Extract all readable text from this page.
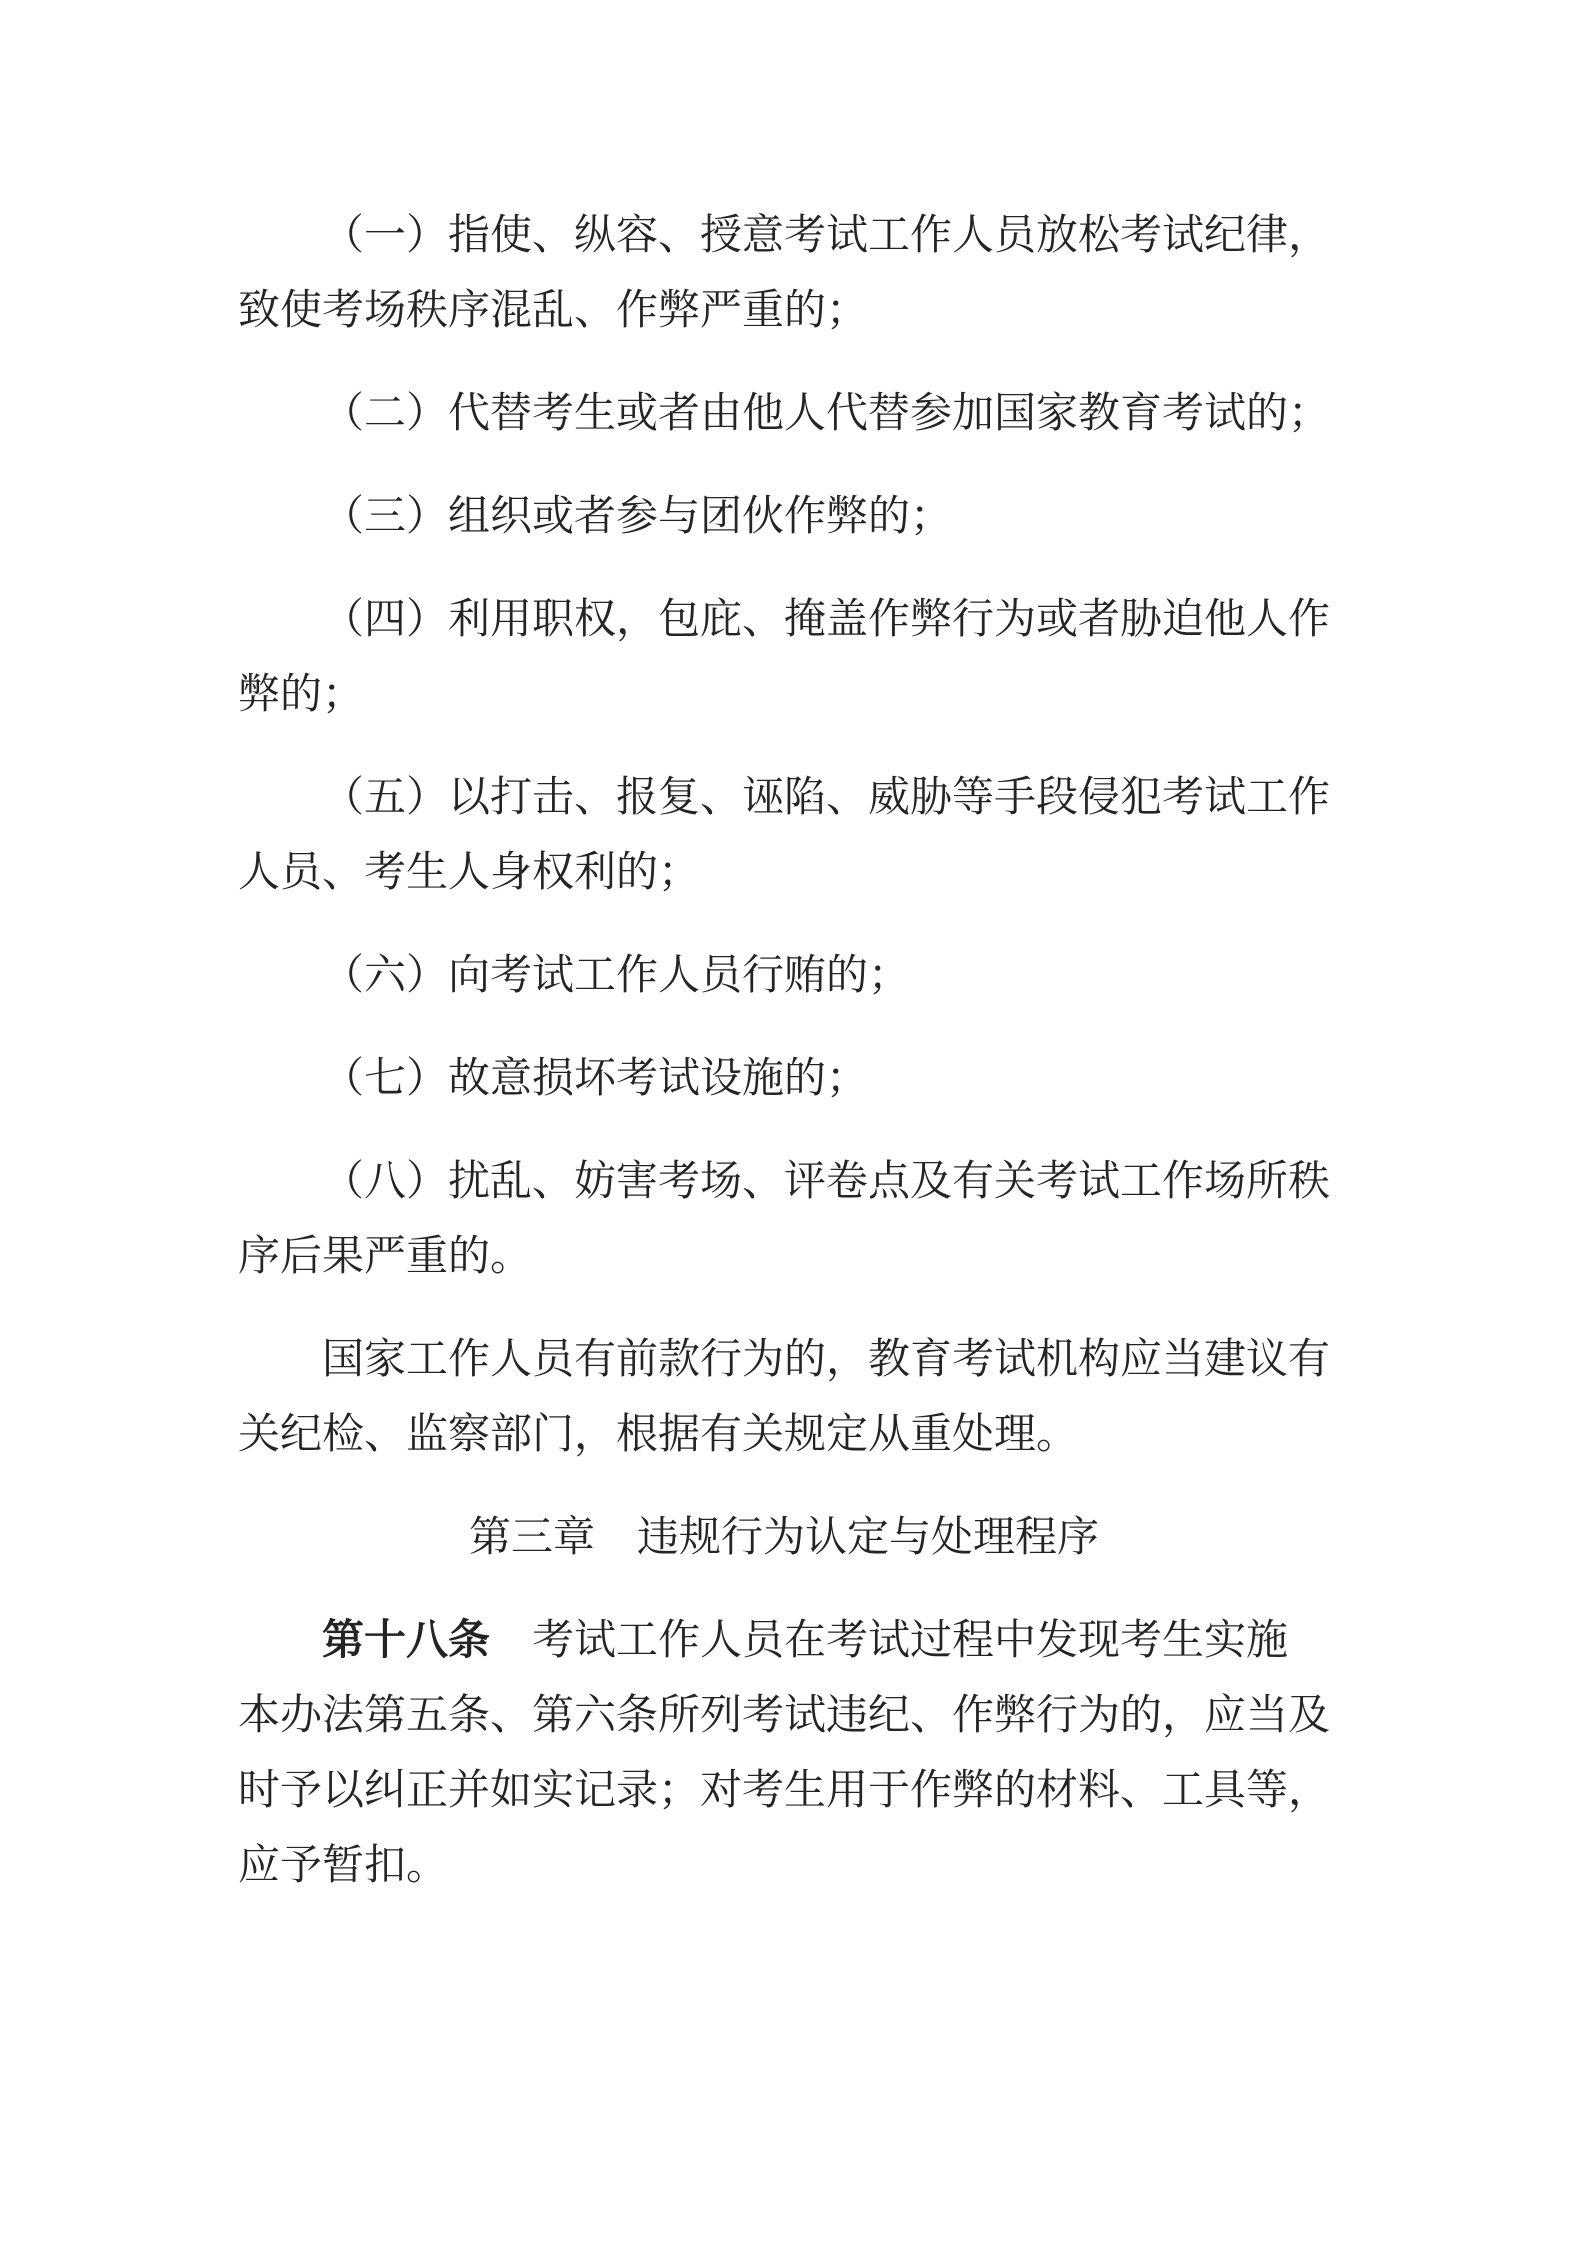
（一）指使、纵容、授意考试工作人员放松考试纪律，
致使考场秩序混乱、作弊严重的；
（二）代替考生或者由他人代替参加国家教育考试的；
（三）组织或者参与团伙作弊的；
（四）利用职权，包庇、掩盖作弊行为或者胁迫他人作
弊的；
（五）以打击、报复、诬陷、威胁等手段侵犯考试工作
人员、考生人身权利的；
（六）向考试工作人员行贿的；
（七）故意损坏考试设施的；
（八）扰乱、妨害考场、评卷点及有关考试工作场所秩
序后果严重的。
国家工作人员有前款行为的，教育考试机构应当建议有
关纪检、监察部门，根据有关规定从重处理。
第三章　违规行为认定与处理程序
第十八条　考试工作人员在考试过程中发现考生实施
本办法第五条、第六条所列考试违纪、作弊行为的，应当及
时予以纠正并如实记录；对考生用于作弊的材料、工具等，
应予暂扣。
